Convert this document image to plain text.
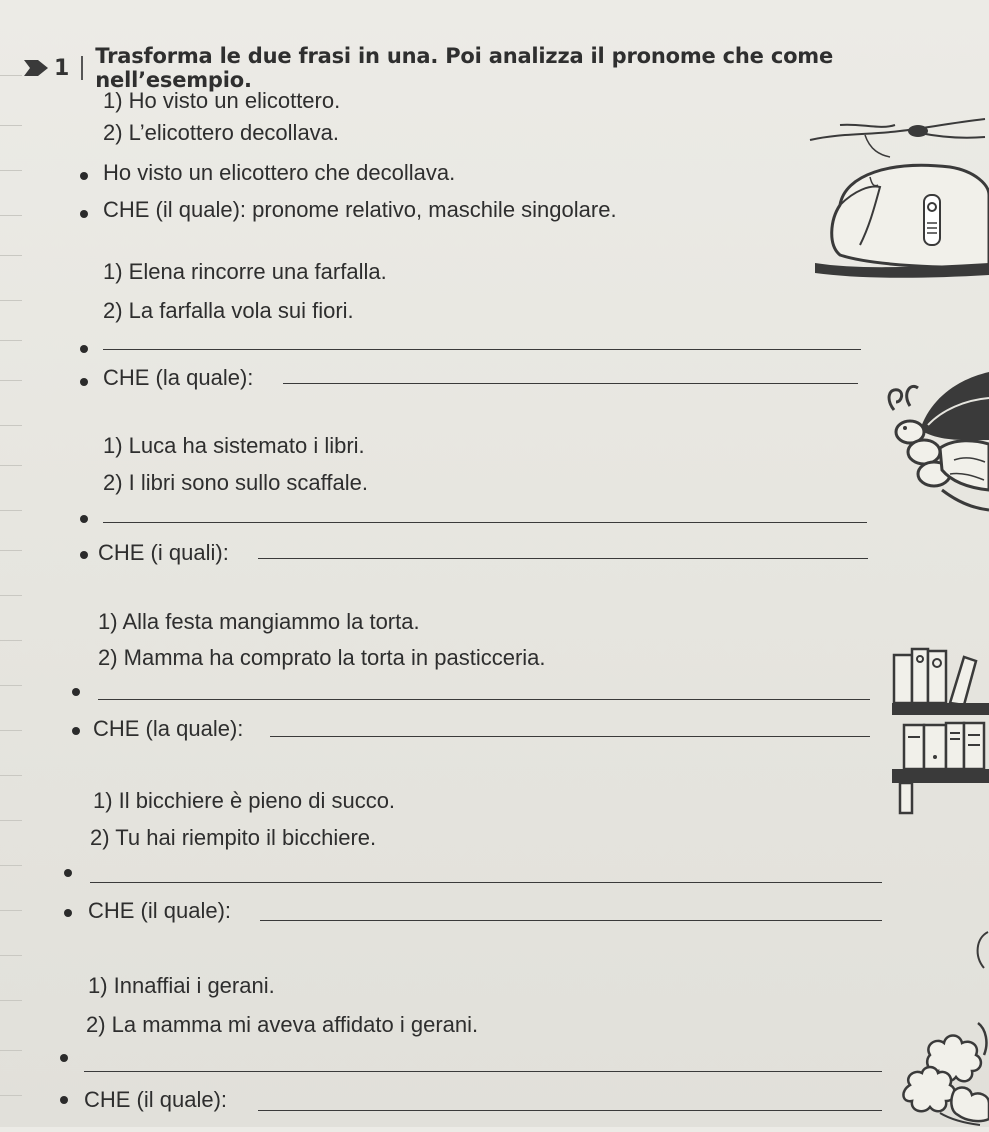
1 Trasforma le due frasi in una. Poi analizza il pronome che come nell’esempio.
1) Ho visto un elicottero.
2) L’elicottero decollava.
Ho visto un elicottero che decollava.
CHE (il quale): pronome relativo, maschile singolare.
1) Elena rincorre una farfalla.
2) La farfalla vola sui fiori.
CHE (la quale):
1) Luca ha sistemato i libri.
2) I libri sono sullo scaffale.
CHE (i quali):
1) Alla festa mangiammo la torta.
2) Mamma ha comprato la torta in pasticceria.
CHE (la quale):
1) Il bicchiere è pieno di succo.
2) Tu hai riempito il bicchiere.
CHE (il quale):
1) Innaffiai i gerani.
2) La mamma mi aveva affidato i gerani.
CHE (il quale):
